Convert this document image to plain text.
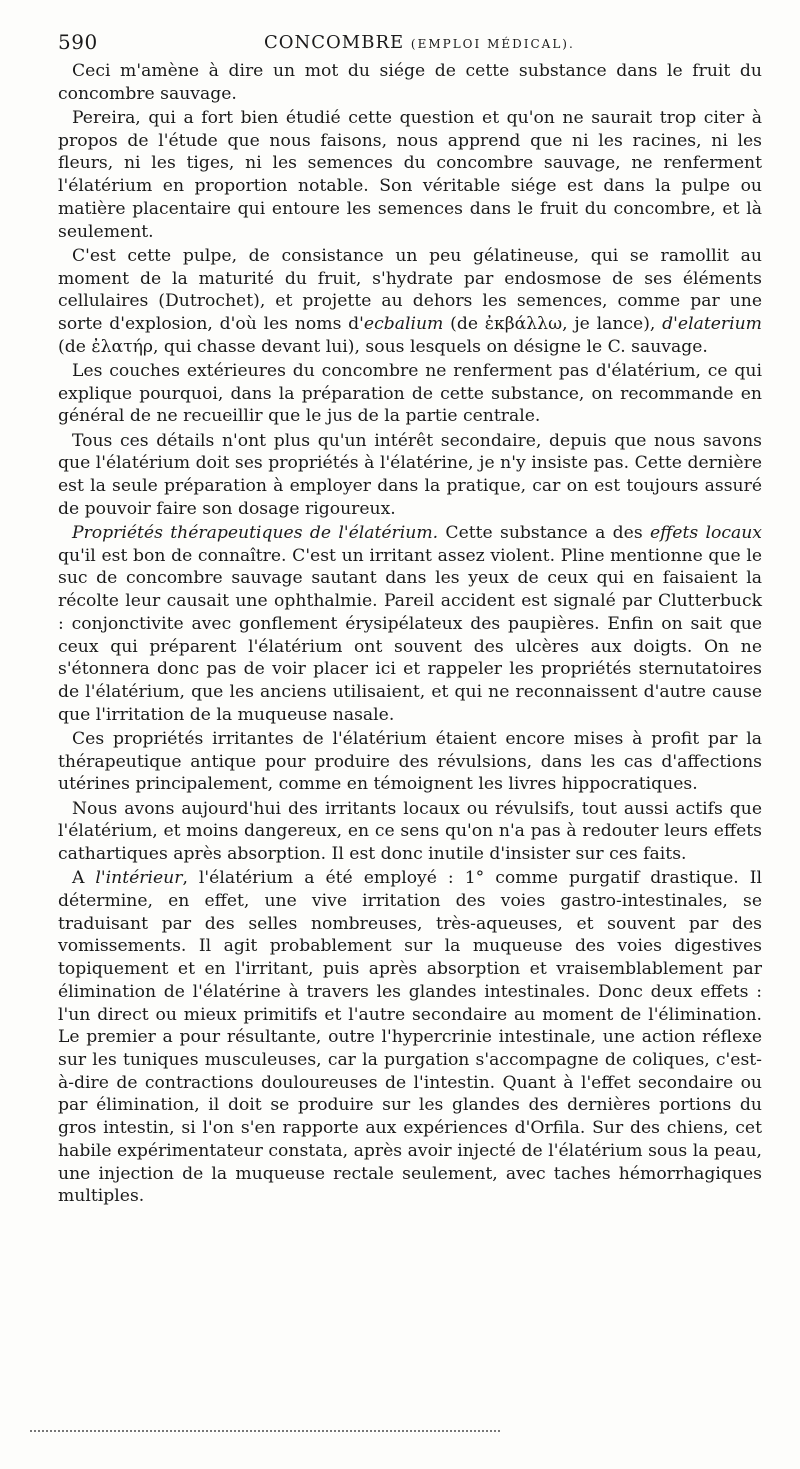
590	CONCOMBRE (EMPLOI MÉDICAL).

Ceci m'amène à dire un mot du siége de cette substance dans le fruit du concombre sauvage.

Pereira, qui a fort bien étudié cette question et qu'on ne saurait trop citer à propos de l'étude que nous faisons, nous apprend que ni les racines, ni les fleurs, ni les tiges, ni les semences du concombre sauvage, ne renferment l'élatérium en proportion notable. Son véritable siége est dans la pulpe ou matière placentaire qui entoure les semences dans le fruit du concombre, et là seulement.

C'est cette pulpe, de consistance un peu gélatineuse, qui se ramollit au moment de la maturité du fruit, s'hydrate par endosmose de ses éléments cellulaires (Dutrochet), et projette au dehors les semences, comme par une sorte d'explosion, d'où les noms d'ecbalium (de ἐκβάλλω, je lance), d'elaterium (de ἐλατήρ, qui chasse devant lui), sous lesquels on désigne le C. sauvage.

Les couches extérieures du concombre ne renferment pas d'élatérium, ce qui explique pourquoi, dans la préparation de cette substance, on recommande en général de ne recueillir que le jus de la partie centrale.

Tous ces détails n'ont plus qu'un intérêt secondaire, depuis que nous savons que l'élatérium doit ses propriétés à l'élatérine, je n'y insiste pas. Cette dernière est la seule préparation à employer dans la pratique, car on est toujours assuré de pouvoir faire son dosage rigoureux.

Propriétés thérapeutiques de l'élatérium. Cette substance a des effets locaux qu'il est bon de connaître. C'est un irritant assez violent. Pline mentionne que le suc de concombre sauvage sautant dans les yeux de ceux qui en faisaient la récolte leur causait une ophthalmie. Pareil accident est signalé par Clutterbuck : conjonctivite avec gonflement érysipélateux des paupières. Enfin on sait que ceux qui préparent l'élatérium ont souvent des ulcères aux doigts. On ne s'étonnera donc pas de voir placer ici et rappeler les propriétés sternutatoires de l'élatérium, que les anciens utilisaient, et qui ne reconnaissent d'autre cause que l'irritation de la muqueuse nasale.

Ces propriétés irritantes de l'élatérium étaient encore mises à profit par la thérapeutique antique pour produire des révulsions, dans les cas d'affections utérines principalement, comme en témoignent les livres hippocratiques.

Nous avons aujourd'hui des irritants locaux ou révulsifs, tout aussi actifs que l'élatérium, et moins dangereux, en ce sens qu'on n'a pas à redouter leurs effets cathartiques après absorption. Il est donc inutile d'insister sur ces faits.

A l'intérieur, l'élatérium a été employé : 1° comme purgatif drastique. Il détermine, en effet, une vive irritation des voies gastro-intestinales, se traduisant par des selles nombreuses, très-aqueuses, et souvent par des vomissements. Il agit probablement sur la muqueuse des voies digestives topiquement et en l'irritant, puis après absorption et vraisemblablement par élimination de l'élatérine à travers les glandes intestinales. Donc deux effets : l'un direct ou mieux primitifs et l'autre secondaire au moment de l'élimination. Le premier a pour résultante, outre l'hypercrinie intestinale, une action réflexe sur les tuniques musculeuses, car la purgation s'accompagne de coliques, c'est-à-dire de contractions douloureuses de l'intestin. Quant à l'effet secondaire ou par élimination, il doit se produire sur les glandes des dernières portions du gros intestin, si l'on s'en rapporte aux expériences d'Orfila. Sur des chiens, cet habile expérimentateur constata, après avoir injecté de l'élatérium sous la peau, une injection de la muqueuse rectale seulement, avec taches hémorrhagiques multiples.
